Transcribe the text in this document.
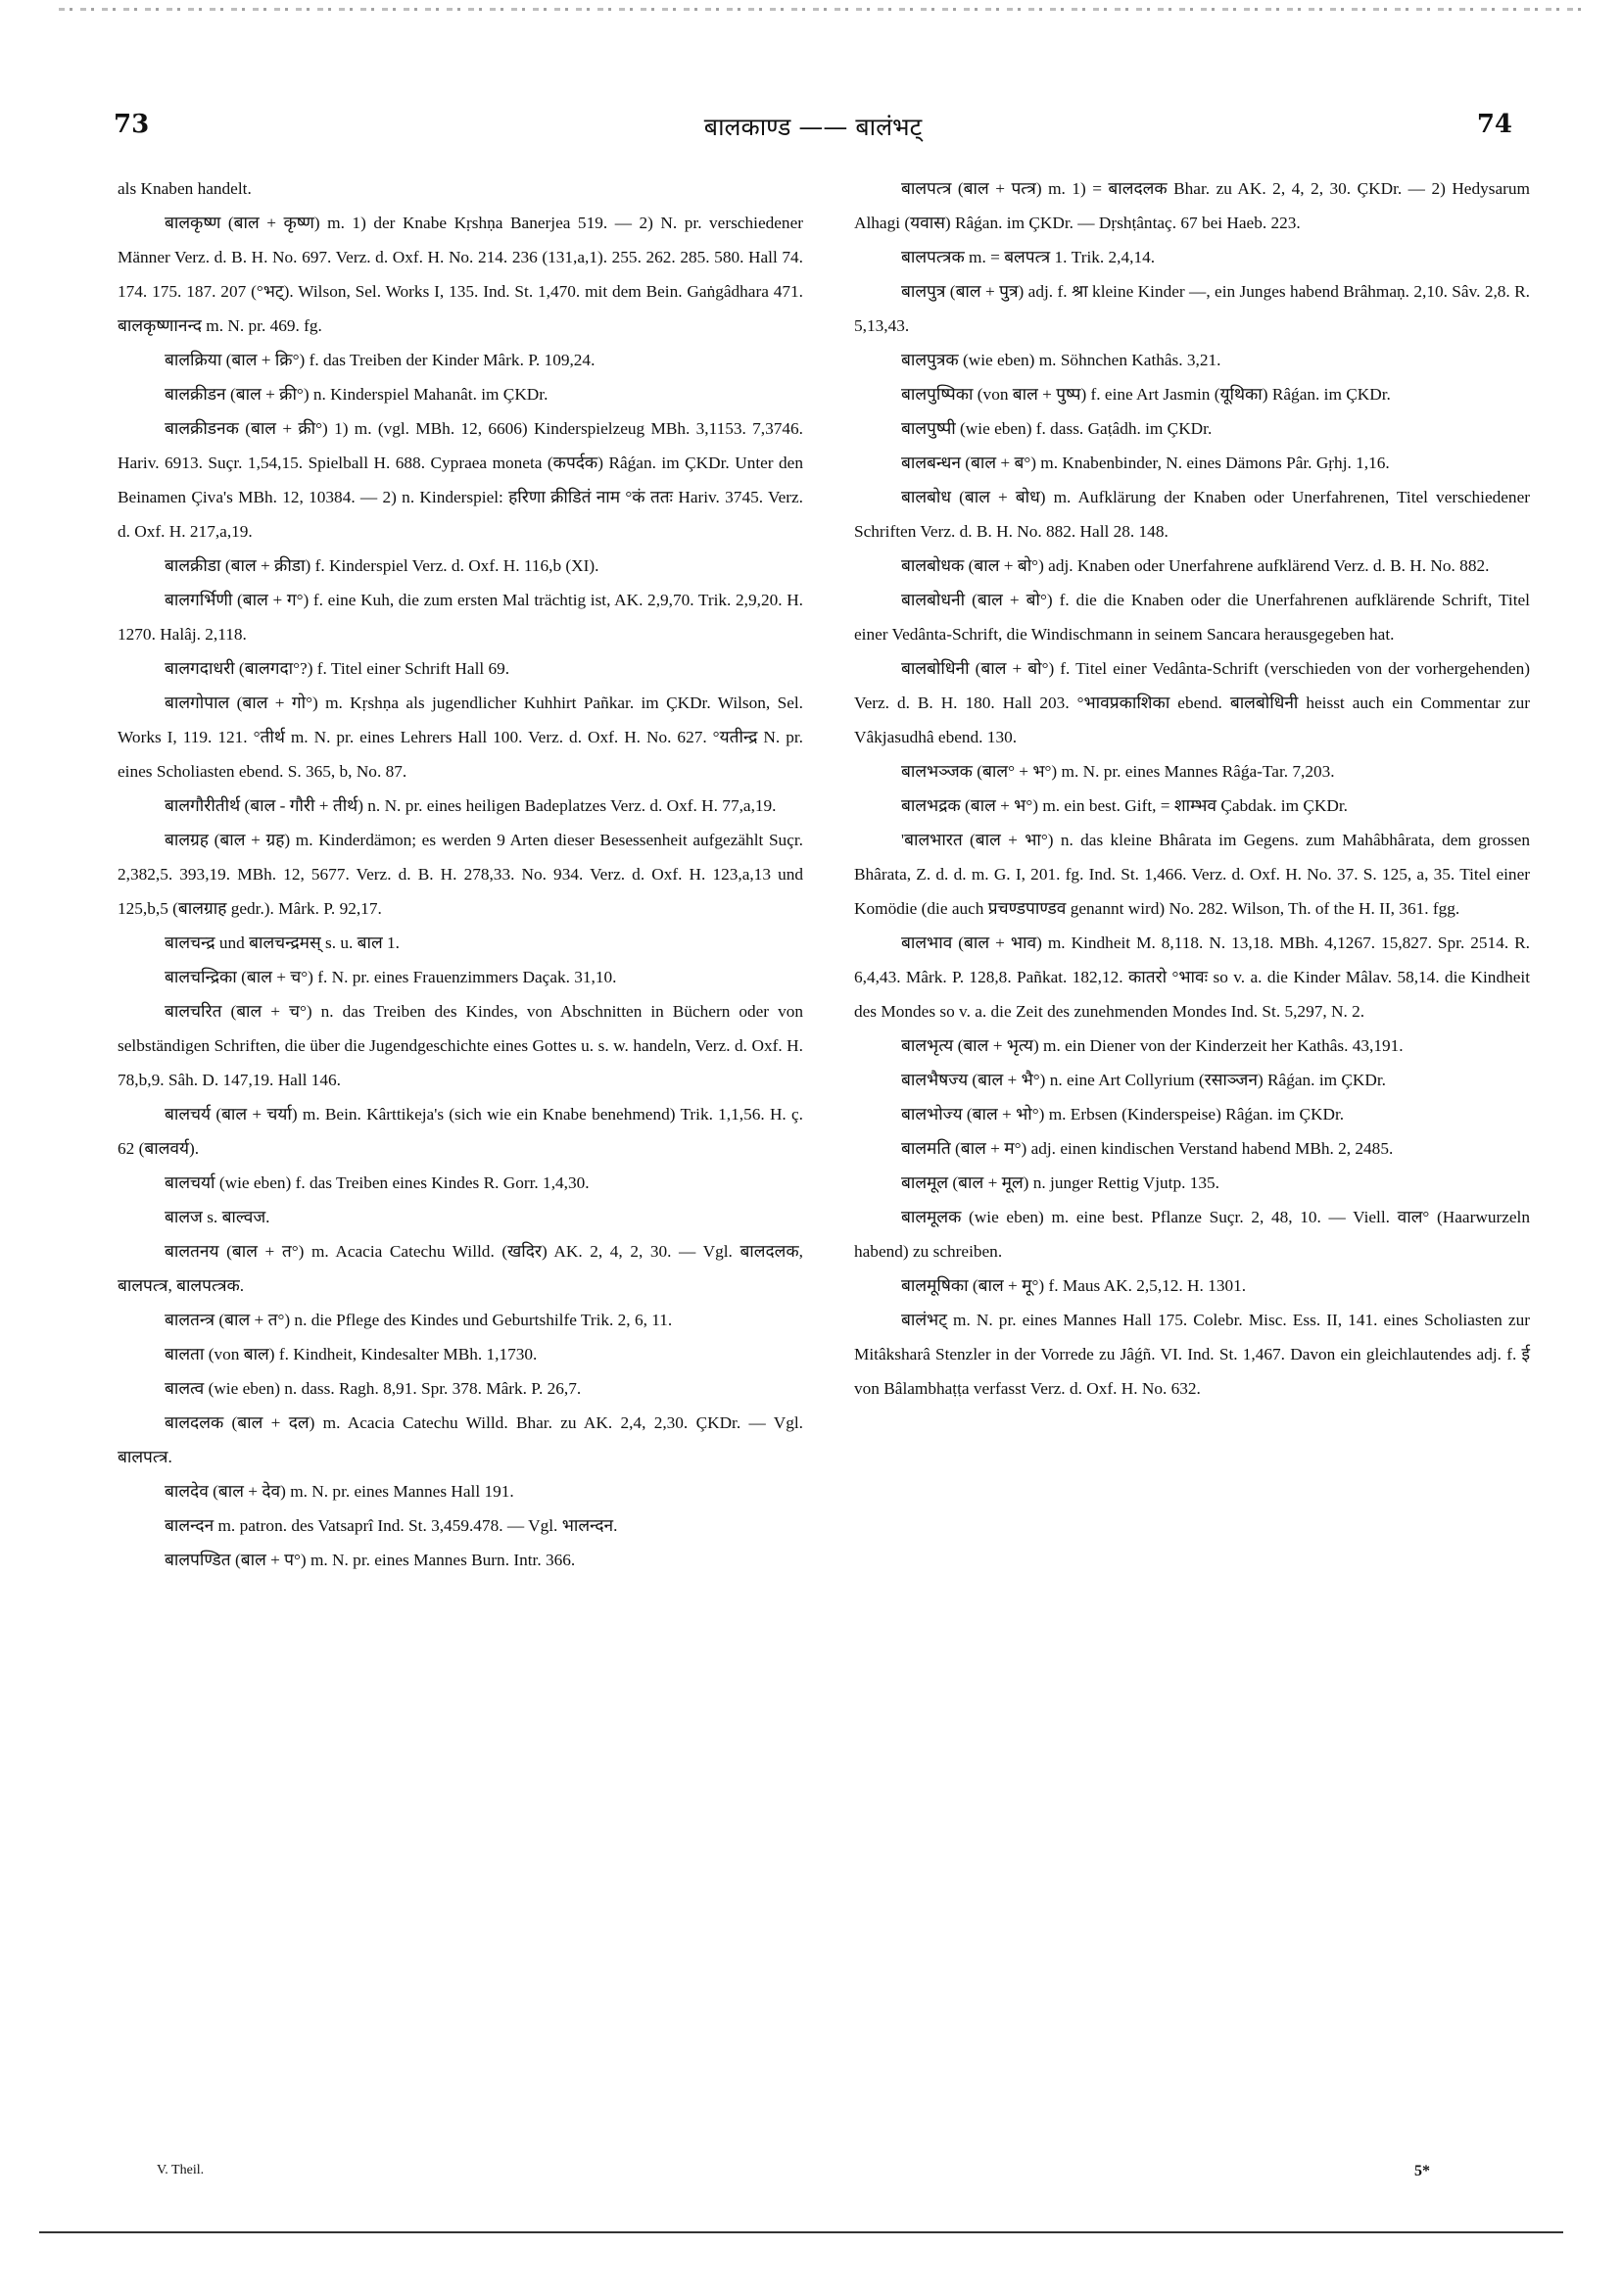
73	बालकाण्ड —— बालंभट्	74

als Knaben handelt.

बालकृष्ण (बाल + कृष्ण) m. 1) der Knabe Kṛshṇa Banerjea 519. — 2) N. pr. verschiedener Männer Verz. d. B. H. No. 697. Verz. d. Oxf. H. No. 214. 236 (131,a,1). 255. 262. 285. 580. Hall 74. 174. 175. 187. 207 (°भट्). Wilson, Sel. Works I, 135. Ind. St. 1,470. mit dem Bein. Gaṅgâdhara 471. बालकृष्णानन्द m. N. pr. 469. fg.

बालक्रिया (बाल + क्रि°) f. das Treiben der Kinder Mârk. P. 109,24.

बालक्रीडन (बाल + क्री°) n. Kinderspiel Mahanât. im ÇKDr.

बालक्रीडनक (बाल + क्री°) 1) m. (vgl. MBh. 12, 6606) Kinderspielzeug MBh. 3,1153. 7,3746. Hariv. 6913. Suçr. 1,54,15. Spielball H. 688. Cypraea moneta (कपर्दक) Râǵan. im ÇKDr. Unter den Beinamen Çiva's MBh. 12, 10384. — 2) n. Kinderspiel: हरिणा क्रीडितं नाम °कं ततः Hariv. 3745. Verz. d. Oxf. H. 217,a,19.

बालक्रीडा (बाल + क्रीडा) f. Kinderspiel Verz. d. Oxf. H. 116,b (XI).

बालगर्भिणी (बाल + ग°) f. eine Kuh, die zum ersten Mal trächtig ist, AK. 2,9,70. Trik. 2,9,20. H. 1270. Halâj. 2,118.

बालगदाधरी (बालगदा°?) f. Titel einer Schrift Hall 69.

बालगोपाल (बाल + गो°) m. Kṛshṇa als jugendlicher Kuhhirt Pañkar. im ÇKDr. Wilson, Sel. Works I, 119. 121. °तीर्थ m. N. pr. eines Lehrers Hall 100. Verz. d. Oxf. H. No. 627. °यतीन्द्र N. pr. eines Scholiasten ebend. S. 365, b, No. 87.

बालगौरीतीर्थ (बाल - गौरी + तीर्थ) n. N. pr. eines heiligen Badeplatzes Verz. d. Oxf. H. 77,a,19.

बालग्रह (बाल + ग्रह) m. Kinderdämon; es werden 9 Arten dieser Besessenheit aufgezählt Suçr. 2,382,5. 393,19. MBh. 12, 5677. Verz. d. B. H. 278,33. No. 934. Verz. d. Oxf. H. 123,a,13 und 125,b,5 (बालग्राह gedr.). Mârk. P. 92,17.

बालचन्द्र und बालचन्द्रमस् s. u. बाल 1.

बालचन्द्रिका (बाल + च°) f. N. pr. eines Frauenzimmers Daçak. 31,10.

बालचरित (बाल + च°) n. das Treiben des Kindes, von Abschnitten in Büchern oder von selbständigen Schriften, die über die Jugendgeschichte eines Gottes u. s. w. handeln, Verz. d. Oxf. H. 78,b,9. Sâh. D. 147,19. Hall 146.

बालचर्य (बाल + चर्या) m. Bein. Kârttikeja's (sich wie ein Knabe benehmend) Trik. 1,1,56. H. ç. 62 (बालवर्य).

बालचर्या (wie eben) f. das Treiben eines Kindes R. Gorr. 1,4,30.

बालज s. बाल्वज.

बालतनय (बाल + त°) m. Acacia Catechu Willd. (खदिर) AK. 2, 4, 2, 30. — Vgl. बालदलक, बालपत्त्र, बालपत्त्रक.

बालतन्त्र (बाल + त°) n. die Pflege des Kindes und Geburtshilfe Trik. 2, 6, 11.

बालता (von बाल) f. Kindheit, Kindesalter MBh. 1,1730.

बालत्व (wie eben) n. dass. Ragh. 8,91. Spr. 378. Mârk. P. 26,7.

बालदलक (बाल + दल) m. Acacia Catechu Willd. Bhar. zu AK. 2,4, 2,30. ÇKDr. — Vgl. बालपत्त्र.

बालदेव (बाल + देव) m. N. pr. eines Mannes Hall 191.

बालन्दन m. patron. des Vatsaprî Ind. St. 3,459.478. — Vgl. भालन्दन.

बालपण्डित (बाल + प°) m. N. pr. eines Mannes Burn. Intr. 366.

बालपत्त्र (बाल + पत्त्र) m. 1) = बालदलक Bhar. zu AK. 2, 4, 2, 30. ÇKDr. — 2) Hedysarum Alhagi (यवास) Râǵan. im ÇKDr. — Dṛshṭântaç. 67 bei Haeb. 223.

बालपत्त्रक m. = बलपत्त्र 1. Trik. 2,4,14.

बालपुत्र (बाल + पुत्र) adj. f. श्रा kleine Kinder —, ein Junges habend Brâhmaṇ. 2,10. Sâv. 2,8. R. 5,13,43.

बालपुत्रक (wie eben) m. Söhnchen Kathâs. 3,21.

बालपुष्पिका (von बाल + पुष्प) f. eine Art Jasmin (यूथिका) Râǵan. im ÇKDr.

बालपुष्पी (wie eben) f. dass. Gaṭâdh. im ÇKDr.

बालबन्धन (बाल + ब°) m. Knabenbinder, N. eines Dämons Pâr. Gṛhj. 1,16.

बालबोध (बाल + बोध) m. Aufklärung der Knaben oder Unerfahrenen, Titel verschiedener Schriften Verz. d. B. H. No. 882. Hall 28. 148.

बालबोधक (बाल + बो°) adj. Knaben oder Unerfahrene aufklärend Verz. d. B. H. No. 882.

बालबोधनी (बाल + बो°) f. die die Knaben oder die Unerfahrenen aufklärende Schrift, Titel einer Vedânta-Schrift, die Windischmann in seinem Sancara herausgegeben hat.

बालबोधिनी (बाल + बो°) f. Titel einer Vedânta-Schrift (verschieden von der vorhergehenden) Verz. d. B. H. 180. Hall 203. °भावप्रकाशिका ebend. बालबोधिनी heisst auch ein Commentar zur Vâkjasudhâ ebend. 130.

बालभञ्जक (बाल° + भ°) m. N. pr. eines Mannes Râǵa-Tar. 7,203.

बालभद्रक (बाल + भ°) m. ein best. Gift, = शाम्भव Çabdak. im ÇKDr.

'बालभारत (बाल + भा°) n. das kleine Bhârata im Gegens. zum Mahâbhârata, dem grossen Bhârata, Z. d. d. m. G. I, 201. fg. Ind. St. 1,466. Verz. d. Oxf. H. No. 37. S. 125, a, 35. Titel einer Komödie (die auch प्रचण्डपाण्डव genannt wird) No. 282. Wilson, Th. of the H. II, 361. fgg.

बालभाव (बाल + भाव) m. Kindheit M. 8,118. N. 13,18. MBh. 4,1267. 15,827. Spr. 2514. R. 6,4,43. Mârk. P. 128,8. Pañkat. 182,12. कातरो °भावः so v. a. die Kinder Mâlav. 58,14. die Kindheit des Mondes so v. a. die Zeit des zunehmenden Mondes Ind. St. 5,297, N. 2.

बालभृत्य (बाल + भृत्य) m. ein Diener von der Kinderzeit her Kathâs. 43,191.

बालभैषज्य (बाल + भै°) n. eine Art Collyrium (रसाञ्जन) Râǵan. im ÇKDr.

बालभोज्य (बाल + भो°) m. Erbsen (Kinderspeise) Râǵan. im ÇKDr.

बालमति (बाल + म°) adj. einen kindischen Verstand habend MBh. 2, 2485.

बालमूल (बाल + मूल) n. junger Rettig Vjutp. 135.

बालमूलक (wie eben) m. eine best. Pflanze Suçr. 2, 48, 10. — Viell. वाल° (Haarwurzeln habend) zu schreiben.

बालमूषिका (बाल + मू°) f. Maus AK. 2,5,12. H. 1301.

बालंभट् m. N. pr. eines Mannes Hall 175. Colebr. Misc. Ess. II, 141. eines Scholiasten zur Mitâksharâ Stenzler in der Vorrede zu Jâǵñ. VI. Ind. St. 1,467. Davon ein gleichlautendes adj. f. ई von Bâlambhaṭṭa verfasst Verz. d. Oxf. H. No. 632.

V. Theil.	5*
